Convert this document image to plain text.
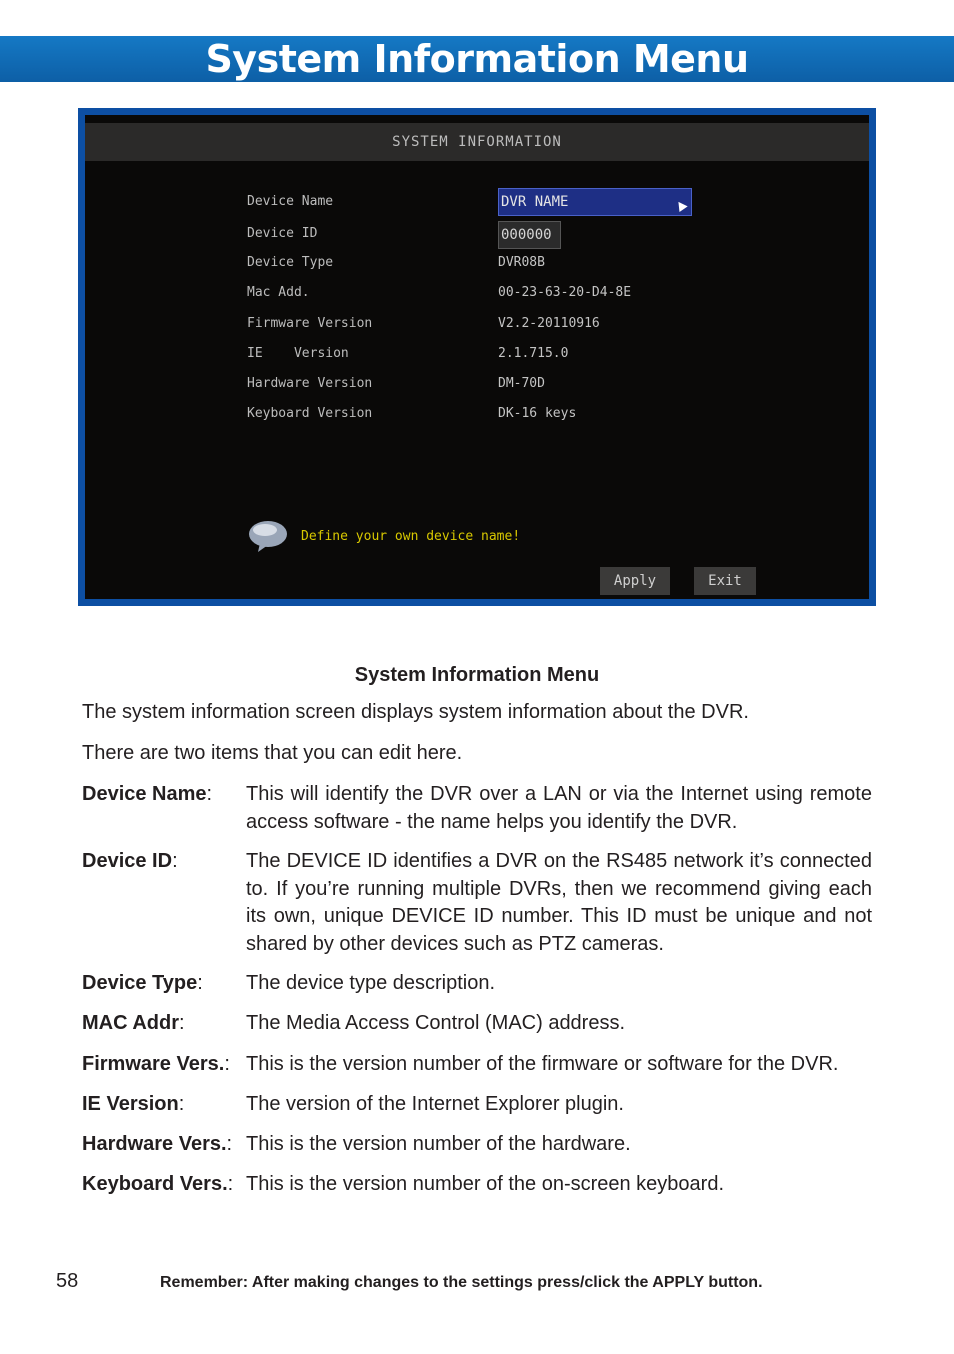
System Information Menu
SYSTEM INFORMATION
Device Name	DVR NAME
Device ID	000000
Device Type	DVR08B
Mac Add.	00-23-63-20-D4-8E
Firmware Version	V2.2-20110916
IE    Version	2.1.715.0
Hardware Version	DM-70D
Keyboard Version	DK-16 keys
Define your own device name!
Apply	Exit
System Information Menu
The system information screen displays system information about the DVR.
There are two items that you can edit here.
Device Name:	This will identify the DVR over a LAN or via the Internet using remote access software - the name helps you identify the DVR.
Device ID:	The DEVICE ID identifies a DVR on the RS485 network it’s connected to. If you’re running multiple DVRs, then we recommend giving each its own, unique DEVICE ID number. This ID must be unique and not shared by other devices such as PTZ cameras.
Device Type:	The device type description.
MAC Addr:	The Media Access Control (MAC) address.
Firmware Vers.: This is the version number of the firmware or software for the DVR.
IE Version:	The version of the Internet Explorer plugin.
Hardware Vers.: This is the version number of the hardware.
Keyboard Vers.: This is the version number of the on-screen keyboard.
58	Remember: After making changes to the settings press/click the APPLY button.
